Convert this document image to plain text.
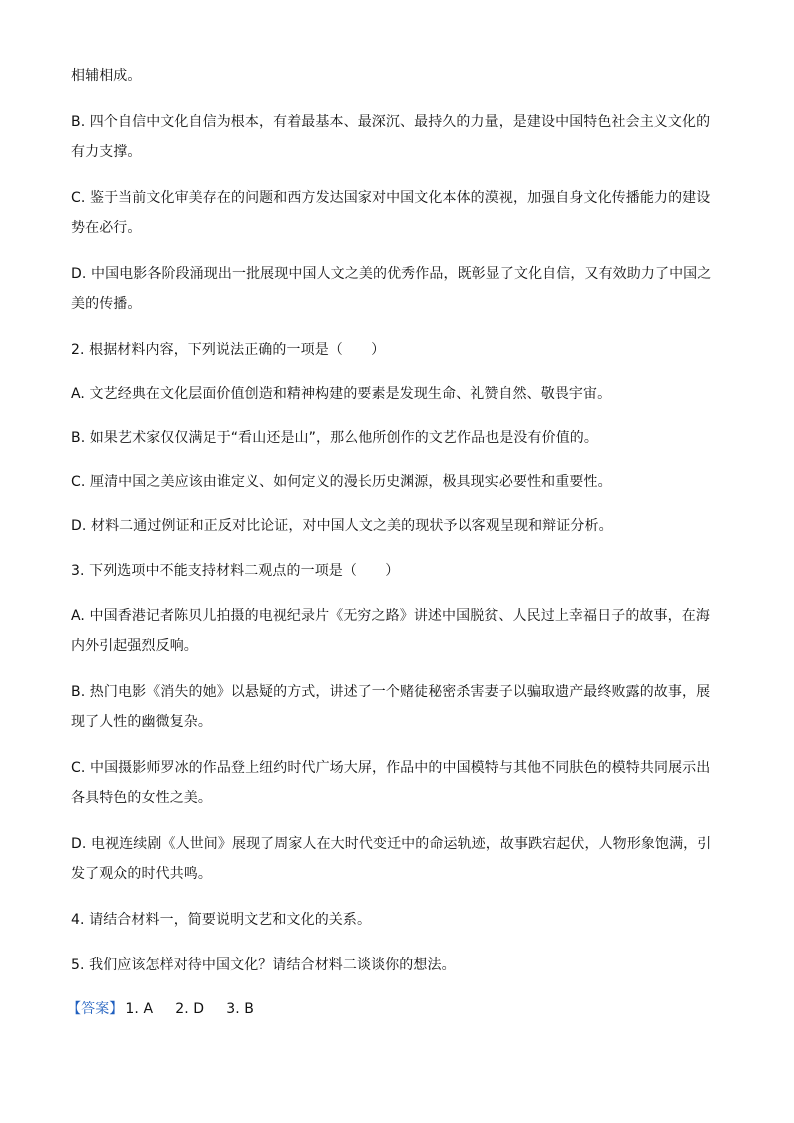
相辅相成。
B. 四个自信中文化自信为根本，有着最基本、最深沉、最持久的力量，是建设中国特色社会主义文化的
有力支撑。
C. 鉴于当前文化审美存在的问题和西方发达国家对中国文化本体的漠视，加强自身文化传播能力的建设
势在必行。
D. 中国电影各阶段涌现出一批展现中国人文之美的优秀作品，既彰显了文化自信，又有效助力了中国之
美的传播。
2. 根据材料内容，下列说法正确的一项是（　　）
A. 文艺经典在文化层面价值创造和精神构建的要素是发现生命、礼赞自然、敬畏宇宙。
B. 如果艺术家仅仅满足于“看山还是山”，那么他所创作的文艺作品也是没有价值的。
C. 厘清中国之美应该由谁定义、如何定义的漫长历史渊源，极具现实必要性和重要性。
D. 材料二通过例证和正反对比论证，对中国人文之美的现状予以客观呈现和辩证分析。
3. 下列选项中不能支持材料二观点的一项是（　　）
A. 中国香港记者陈贝儿拍摄的电视纪录片《无穷之路》讲述中国脱贫、人民过上幸福日子的故事，在海
内外引起强烈反响。
B. 热门电影《消失的她》以悬疑的方式，讲述了一个赌徒秘密杀害妻子以骗取遗产最终败露的故事，展
现了人性的幽微复杂。
C. 中国摄影师罗冰的作品登上纽约时代广场大屏，作品中的中国模特与其他不同肤色的模特共同展示出
各具特色的女性之美。
D. 电视连续剧《人世间》展现了周家人在大时代变迁中的命运轨迹，故事跌宕起伏，人物形象饱满，引
发了观众的时代共鸣。
4. 请结合材料一，简要说明文艺和文化的关系。
5. 我们应该怎样对待中国文化？请结合材料二谈谈你的想法。
【答案】 1. A 2. D 3. B
